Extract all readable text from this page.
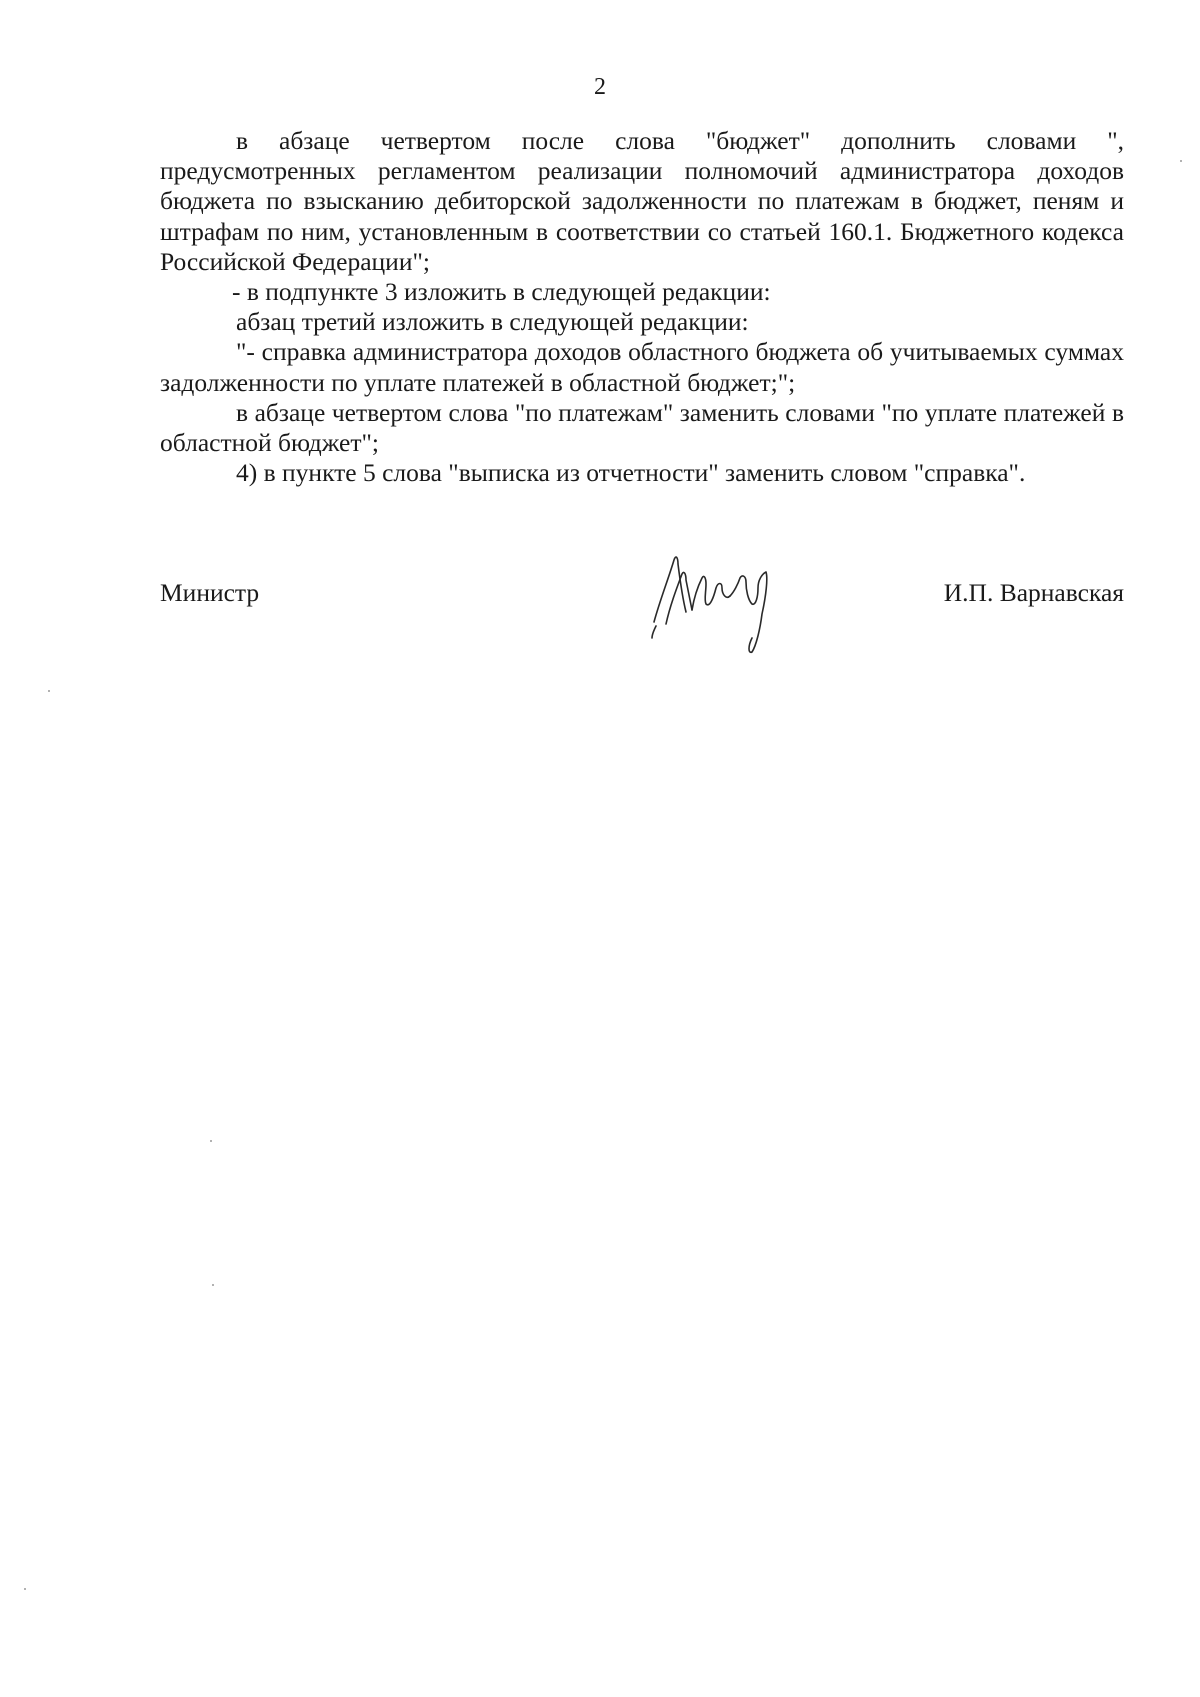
2

в абзаце четвертом после слова "бюджет" дополнить словами ", предусмотренных регламентом реализации полномочий администратора доходов бюджета по взысканию дебиторской задолженности по платежам в бюджет, пеням и штрафам по ним, установленным в соответствии со статьей 160.1. Бюджетного кодекса Российской Федерации";

- в подпункте 3 изложить в следующей редакции:

абзац третий изложить в следующей редакции:

"- справка администратора доходов областного бюджета об учитываемых суммах задолженности по уплате платежей в областной бюджет;";

в абзаце четвертом слова "по платежам" заменить словами "по уплате платежей в областной бюджет";

4) в пункте 5 слова "выписка из отчетности" заменить словом "справка".

Министр	И.П. Варнавская
